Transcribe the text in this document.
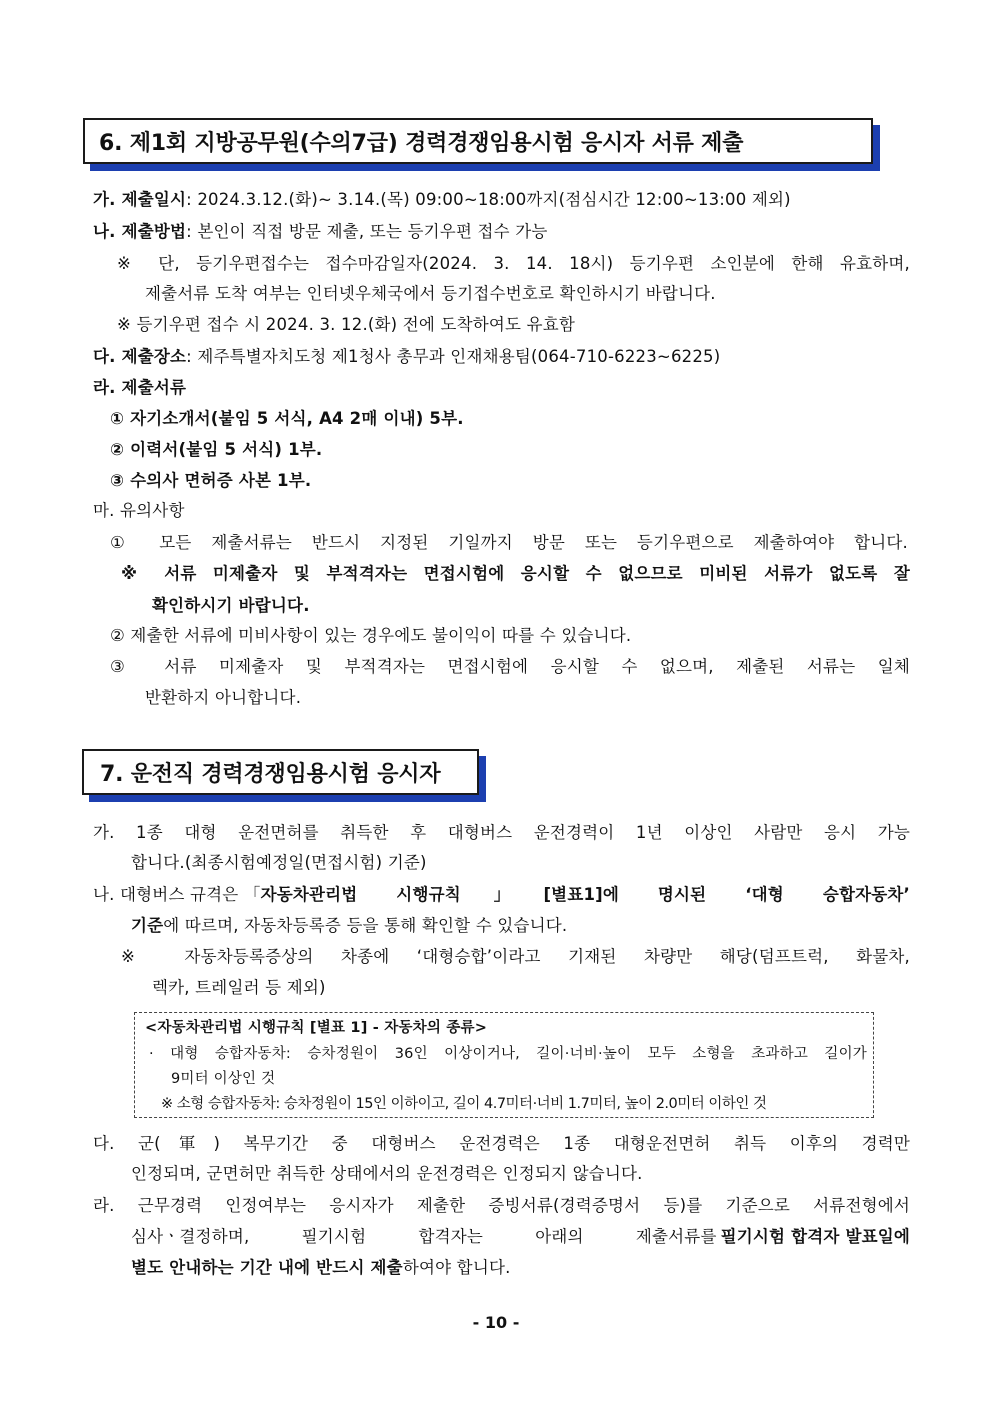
6. 제1회 지방공무원(수의7급) 경력경쟁임용시험 응시자 서류 제출
가. 제출일시: 2024.3.12.(화)~ 3.14.(목) 09:00~18:00까지(점심시간 12:00~13:00 제외)
나. 제출방법: 본인이 직접 방문 제출, 또는 등기우편 접수 가능
※ 단, 등기우편접수는 접수마감일자(2024. 3. 14. 18시) 등기우편 소인분에 한해 유효하며,
제출서류 도착 여부는 인터넷우체국에서 등기접수번호로 확인하시기 바랍니다.
※ 등기우편 접수 시 2024. 3. 12.(화) 전에 도착하여도 유효함
다. 제출장소: 제주특별자치도청 제1청사 총무과 인재채용팀(064-710-6223~6225)
라. 제출서류
① 자기소개서(붙임 5 서식, A4 2매 이내) 5부.
② 이력서(붙임 5 서식) 1부.
③ 수의사 면허증 사본 1부.
마. 유의사항
① 모든 제출서류는 반드시 지정된 기일까지 방문 또는 등기우편으로 제출하여야 합니다.
※ 서류 미제출자 및 부적격자는 면접시험에 응시할 수 없으므로 미비된 서류가 없도록 잘
확인하시기 바랍니다.
② 제출한 서류에 미비사항이 있는 경우에도 불이익이 따를 수 있습니다.
③ 서류 미제출자 및 부적격자는 면접시험에 응시할 수 없으며, 제출된 서류는 일체
반환하지 아니합니다.
7. 운전직 경력경쟁임용시험 응시자
가. 1종 대형 운전면허를 취득한 후 대형버스 운전경력이 1년 이상인 사람만 응시 가능
합니다.(최종시험예정일(면접시험) 기준)
나. 대형버스 규격은 「 자동차관리법 시행규칙」[별표1]에 명시된 ‘대형 승합자동차’
기준에 따르며, 자동차등록증 등을 통해 확인할 수 있습니다.
※ 자동차등록증상의 차종에 ‘대형승합’이라고 기재된 차량만 해당(덤프트럭, 화물차,
렉카, 트레일러 등 제외)
<자동차관리법 시행규칙 [별표 1] - 자동차의 종류>
· 대형 승합자동차: 승차정원이 36인 이상이거나, 길이·너비·높이 모두 소형을 초과하고 길이가
9미터 이상인 것
※ 소형 승합자동차: 승차정원이 15인 이하이고, 길이 4.7미터·너비 1.7미터, 높이 2.0미터 이하인 것
다. 군(軍) 복무기간 중 대형버스 운전경력은 1종 대형운전면허 취득 이후의 경력만
인정되며, 군면허만 취득한 상태에서의 운전경력은 인정되지 않습니다.
라. 근무경력 인정여부는 응시자가 제출한 증빙서류(경력증명서 등)를 기준으로 서류전형에서
심사ㆍ결정하며, 필기시험 합격자는 아래의 제출서류를 필기시험 합격자 발표일에
별도 안내하는 기간 내에 반드시 제출하여야 합니다.
- 10 -
